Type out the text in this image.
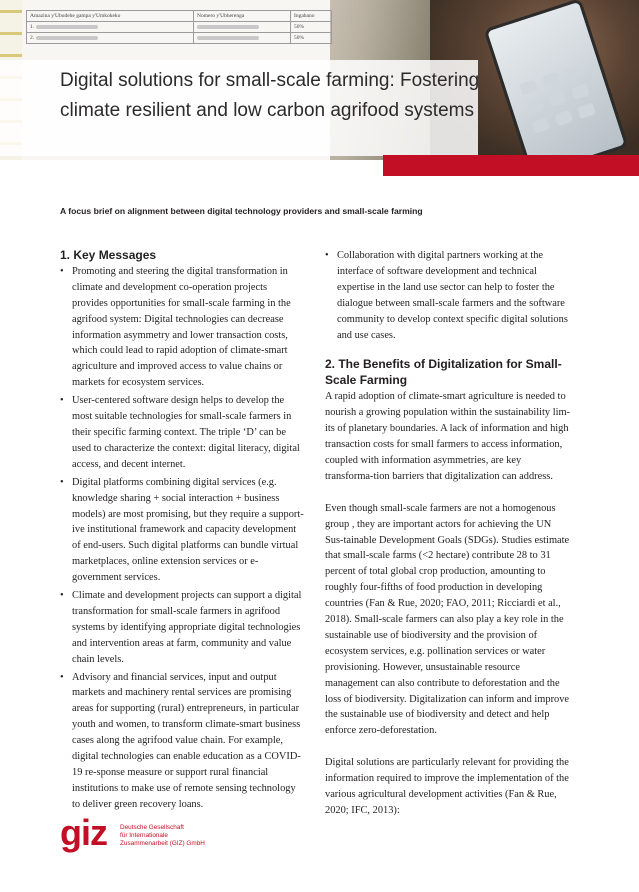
Amazina y'Ubudehe gampa y'Umkokeko	Nomero y'Ubherenga	Ingabano
1.		50%
2.		50%
Digital solutions for small-scale farming: Fostering climate resilient and low carbon agrifood systems

A focus brief on alignment between digital technology providers and small-scale farming

1. Key Messages
• Promoting and steering the digital transformation in climate and development co-operation projects provides opportunities for small-scale farming in the agrifood system: Digital technologies can decrease information asymmetry and lower transaction costs, which could lead to rapid adoption of climate-smart agriculture and improved access to value chains or markets for ecosystem services.
• User-centered software design helps to develop the most suitable technologies for small-scale farmers in their specific farming context. The triple ‘D’ can be used to characterize the context: digital literacy, digital access, and decent internet.
• Digital platforms combining digital services (e.g. knowledge sharing + social interaction + business models) are most promising, but they require a support-ive institutional framework and capacity development of end-users. Such digital platforms can bundle virtual marketplaces, online extension services or e-government services.
• Climate and development projects can support a digital transformation for small-scale farmers in agrifood systems by identifying appropriate digital technologies and intervention areas at farm, community and value chain levels.
• Advisory and financial services, input and output markets and machinery rental services are promising areas for supporting (rural) entrepreneurs, in particular youth and women, to transform climate-smart business cases along the agrifood value chain. For example, digital technologies can enable education as a COVID-19 re-sponse measure or support rural financial institutions to make use of remote sensing technology to deliver green recovery loans.
• Collaboration with digital partners working at the interface of software development and technical expertise in the land use sector can help to foster the dialogue between small-scale farmers and the software community to develop context specific digital solutions and use cases.
2. The Benefits of Digitalization for Small-Scale Farming

A rapid adoption of climate-smart agriculture is needed to nourish a growing population within the sustainability lim-its of planetary boundaries. A lack of information and high transaction costs for small farmers to access information, coupled with information asymmetries, are key transforma-tion barriers that digitalization can address.

Even though small-scale farmers are not a homogenous group , they are important actors for achieving the UN Sus-tainable Development Goals (SDGs). Studies estimate that small-scale farms (<2 hectare) contribute 28 to 31 percent of total global crop production, amounting to roughly four-fifths of food production in developing countries (Fan & Rue, 2020; FAO, 2011; Ricciardi et al., 2018). Small-scale farmers can also play a key role in the sustainable use of biodiversity and the provision of ecosystem services, e.g. pollination services or water provisioning. However, unsustainable resource management can also contribute to deforestation and the loss of biodiversity. Digitalization can inform and improve the sustainable use of biodiversity and detect and help enforce zero-deforestation.

Digital solutions are particularly relevant for providing the information required to improve the implementation of the various agricultural development activities (Fan & Rue, 2020; IFC, 2013):

giz Deutsche Gesellschaft
für Internationale
Zusammenarbeit (GIZ) GmbH
